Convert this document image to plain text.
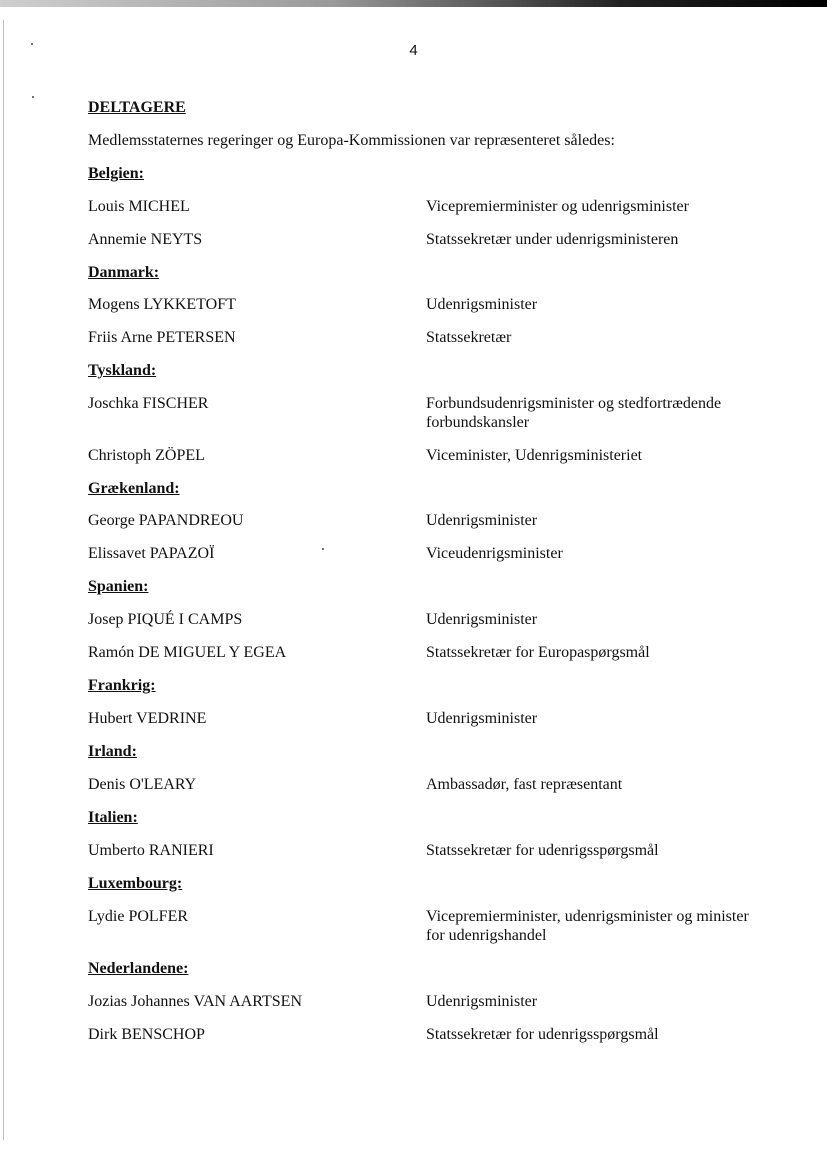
4
DELTAGERE
Medlemsstaternes regeringer og Europa-Kommissionen var repræsenteret således:
Belgien:
Louis MICHEL	Vicepremierminister og udenrigsminister
Annemie NEYTS	Statssekretær under udenrigsministeren
Danmark:
Mogens LYKKETOFT	Udenrigsminister
Friis Arne PETERSEN	Statssekretær
Tyskland:
Joschka FISCHER	Forbundsudenrigsminister og stedfortrædende forbundskansler
Christoph ZÖPEL	Viceminister, Udenrigsministeriet
Grækenland:
George PAPANDREOU	Udenrigsminister
Elissavet PAPAZOÏ	Viceudenrigsminister
Spanien:
Josep PIQUÉ I CAMPS	Udenrigsminister
Ramón DE MIGUEL Y EGEA	Statssekretær for Europaspørgsmål
Frankrig:
Hubert VEDRINE	Udenrigsminister
Irland:
Denis O'LEARY	Ambassadør, fast repræsentant
Italien:
Umberto RANIERI	Statssekretær for udenrigsspørgsmål
Luxembourg:
Lydie POLFER	Vicepremierminister, udenrigsminister og minister for udenrigshandel
Nederlandene:
Jozias Johannes VAN AARTSEN	Udenrigsminister
Dirk BENSCHOP	Statssekretær for udenrigsspørgsmål
